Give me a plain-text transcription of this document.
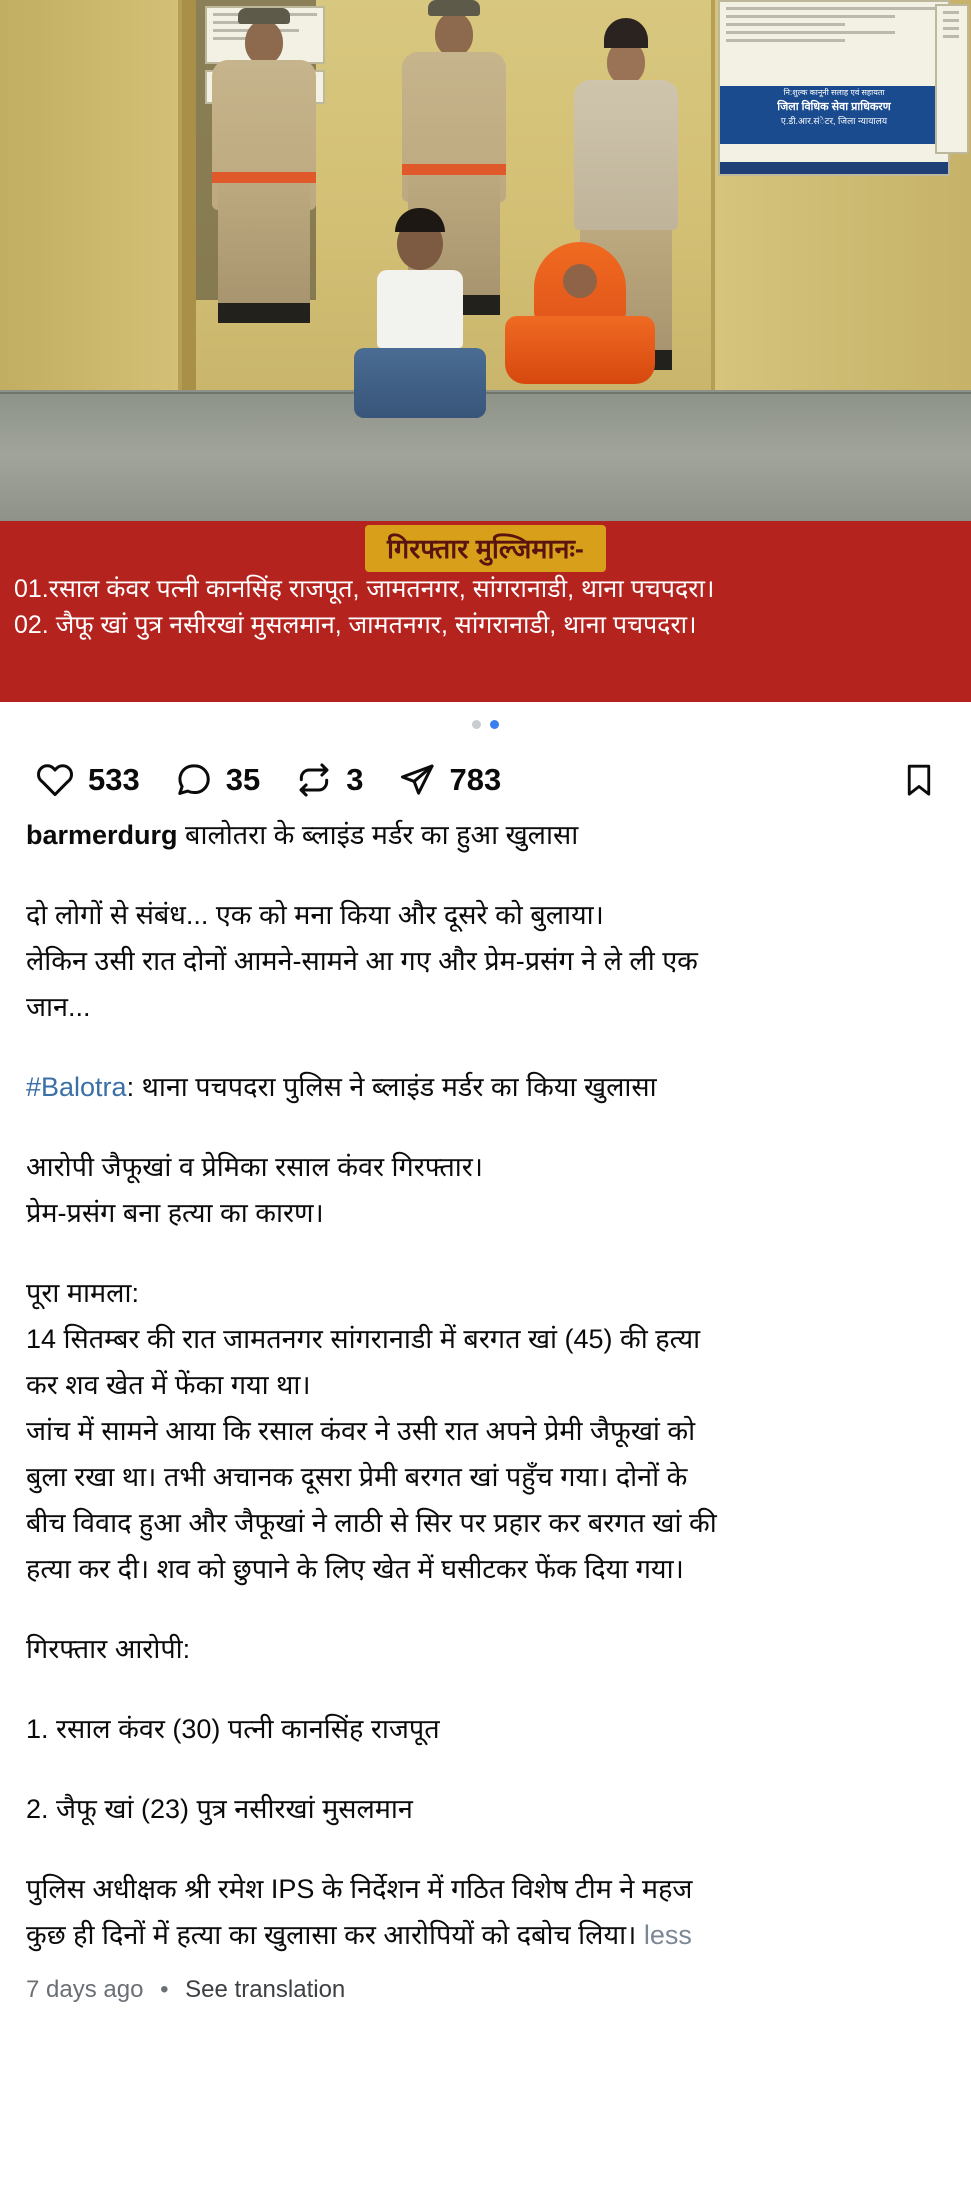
नि:शुल्क कानूनी सलाह एवं सहायता
जिला विधिक सेवा प्राधिकरण
ए.डी.आर.संेटर, जिला न्यायालय
गिरफ्तार मुल्जिमानः-
01.रसाल कंवर पत्नी कानसिंह राजपूत, जामतनगर, सांगरानाडी, थाना पचपदरा।
02. जैफू खां पुत्र नसीरखां मुसलमान, जामतनगर, सांगरानाडी, थाना पचपदरा।
533	35	3	783

barmerdurg बालोतरा के ब्लाइंड मर्डर का हुआ खुलासा

दो लोगों से संबंध... एक को मना किया और दूसरे को बुलाया।

लेकिन उसी रात दोनों आमने-सामने आ गए और प्रेम-प्रसंग ने ले ली एक

जान...

#Balotra: थाना पचपदरा पुलिस ने ब्लाइंड मर्डर का किया खुलासा

आरोपी जैफूखां व प्रेमिका रसाल कंवर गिरफ्तार।

प्रेम-प्रसंग बना हत्या का कारण।

पूरा मामला:

14 सितम्बर की रात जामतनगर सांगरानाडी में बरगत खां (45) की हत्या

कर शव खेत में फेंका गया था।

जांच में सामने आया कि रसाल कंवर ने उसी रात अपने प्रेमी जैफूखां को

बुला रखा था। तभी अचानक दूसरा प्रेमी बरगत खां पहुँच गया। दोनों के

बीच विवाद हुआ और जैफूखां ने लाठी से सिर पर प्रहार कर बरगत खां की

हत्या कर दी। शव को छुपाने के लिए खेत में घसीटकर फेंक दिया गया।

गिरफ्तार आरोपी:

1. रसाल कंवर (30) पत्नी कानसिंह राजपूत

2. जैफू खां (23) पुत्र नसीरखां मुसलमान

पुलिस अधीक्षक श्री रमेश IPS के निर्देशन में गठित विशेष टीम ने महज

कुछ ही दिनों में हत्या का खुलासा कर आरोपियों को दबोच लिया। less

7 days ago • See translation
